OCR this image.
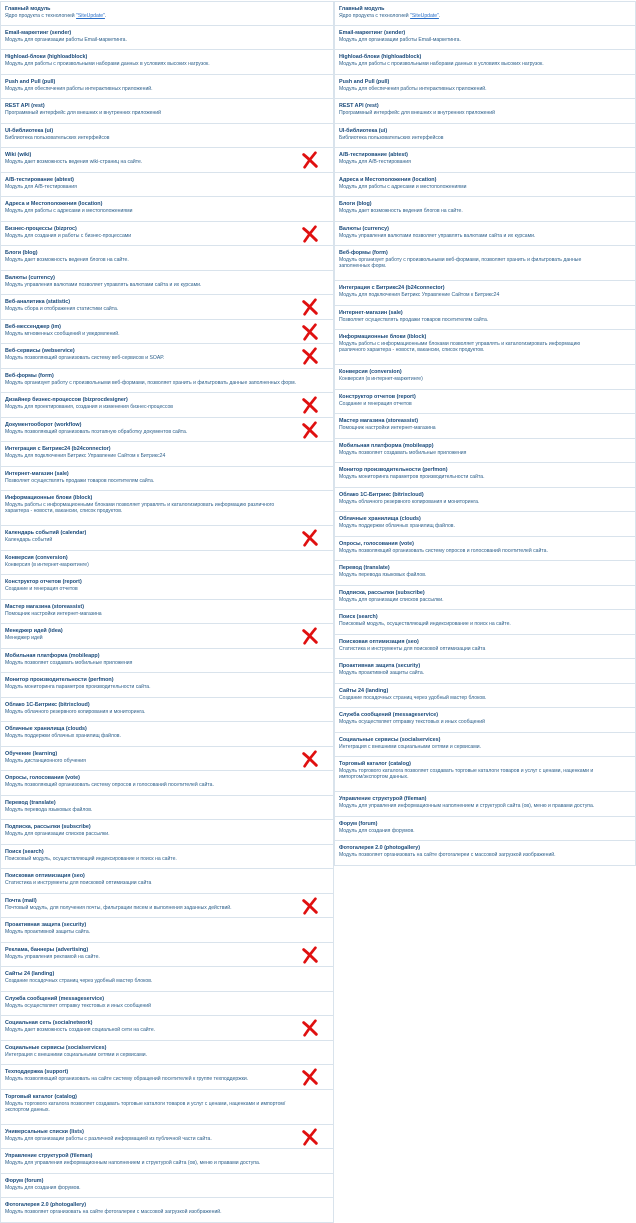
Главный модуль
Ядро продукта с технологией "SiteUpdate".
Email-маркетинг (sender)
Модуль для организации работы Email-маркетинга.
Highload-блоки (highloadblock)
Модуль для работы с произвольными наборами данных в условиях высоких нагрузок.
Push and Pull (pull)
Модуль для обеспечения работы интерактивных приложений.
REST API (rest)
Программный интерфейс для внешних и внутренних приложений
UI-библиотека (ui)
Библиотека пользовательских интерфейсов
Wiki (wiki)
Модуль дает возможность ведения wiki-страниц на сайте.
A/B-тестирование (abtest)
Модуль для A/B-тестирования
Адреса и Местоположения (location)
Модуль для работы с адресами и местоположениями
Бизнес-процессы (bizproc)
Модуль для создания и работы с бизнес-процессами
Блоги (blog)
Модуль дает возможность ведения блогов на сайте.
Валюты (currency)
Модуль управления валютами позволяет управлять валютами сайта и их курсами.
Веб-аналитика (statistic)
Модуль сбора и отображения статистики сайта.
Веб-мессенджер (im)
Модуль мгновенных сообщений и уведомлений.
Веб-сервисы (webservice)
Модуль позволяющий организовать систему веб-сервисов и SOAP.
Веб-формы (form)
Модуль организует работу с произвольными веб-формами, позволяет хранить и фильтровать данные заполненных форм.
Дизайнер бизнес-процессов (bizprocdesigner)
Модуль для проектирования, создания и изменения бизнес-процессов
Документооборот (workflow)
Модуль позволяющий организовать поэтапную обработку документов сайта.
Интеграция с Битрикс24 (b24connector)
Модуль для подключения Битрикс Управление Сайтом к Битрикс24
Интернет-магазин (sale)
Позволяет осуществлять продажи товаров посетителям сайта.
Информационные блоки (iblock)
Модуль работы с информационными блоками позволяет управлять и каталогизировать информацию различного характера - новости, вакансии, список продуктов.
Календарь событий (calendar)
Календарь событий
Конверсия (conversion)
Конверсия (в интернет-маркетинге)
Конструктор отчетов (report)
Создание и генерация отчетов
Мастер магазина (storeassist)
Помощник настройки интернет-магазина
Менеджер идей (idea)
Менеджер идей
Мобильная платформа (mobileapp)
Модуль позволяет создавать мобильные приложения
Монитор производительности (perfmon)
Модуль мониторинга параметров производительности сайта.
Облако 1С-Битрикс (bitrixcloud)
Модуль облачного резервного копирования и мониторинга.
Облачные хранилища (clouds)
Модуль поддержки облачных хранилищ файлов.
Обучение (learning)
Модуль дистанционного обучения
Опросы, голосования (vote)
Модуль позволяющий организовать систему опросов и голосований посетителей сайта.
Перевод (translate)
Модуль перевода языковых файлов.
Подписка, рассылки (subscribe)
Модуль для организации списков рассылки.
Поиск (search)
Поисковый модуль, осуществляющий индексирование и поиск на сайте.
Поисковая оптимизация (seo)
Статистика и инструменты для поисковой оптимизации сайта
Почта (mail)
Почтовый модуль, для получения почты, фильтрации писем и выполнения заданных действий.
Проактивная защита (security)
Модуль проактивной защиты сайта.
Реклама, баннеры (advertising)
Модуль управления рекламой на сайте.
Сайты 24 (landing)
Создание посадочных страниц через удобный мастер блоков.
Служба сообщений (messageservice)
Модуль осуществляет отправку текстовых и иных сообщений
Социальная сеть (socialnetwork)
Модуль дает возможность создания социальной сети на сайте.
Социальные сервисы (socialservices)
Интеграция с внешними социальными сетями и сервисами.
Техподдержка (support)
Модуль позволяющий организовать на сайте систему обращений посетителей к группе техподдержки.
Торговый каталог (catalog)
Модуль торгового каталога позволяет создавать торговые каталоги товаров и услуг с ценами, наценками и импортом/экспортом данных.
Универсальные списки (lists)
Модуль для организации работы с различной информацией из публичной части сайта.
Управление структурой (fileman)
Модуль для управления информационным наполнением и структурой сайта (ов), меню и правами доступа.
Форум (forum)
Модуль для создания форумов.
Фотогалерея 2.0 (photogallery)
Модуль позволяет организовать на сайте фотогалереи с массовой загрузкой изображений.
Главный модуль
Ядро продукта с технологией "SiteUpdate".
Email-маркетинг (sender)
Модуль для организации работы Email-маркетинга.
Highload-блоки (highloadblock)
Модуль для работы с произвольными наборами данных в условиях высоких нагрузок.
Push and Pull (pull)
Модуль для обеспечения работы интерактивных приложений.
REST API (rest)
Программный интерфейс для внешних и внутренних приложений
UI-библиотека (ui)
Библиотека пользовательских интерфейсов
A/B-тестирование (abtest)
Модуль для A/B-тестирования
Адреса и Местоположения (location)
Модуль для работы с адресами и местоположениями
Блоги (blog)
Модуль дает возможность ведения блогов на сайте.
Валюты (currency)
Модуль управления валютами позволяет управлять валютами сайта и их курсами.
Веб-формы (form)
Модуль организует работу с произвольными веб-формами, позволяет хранить и фильтровать данные заполненных форм.
Интеграция с Битрикс24 (b24connector)
Модуль для подключения Битрикс Управление Сайтом к Битрикс24
Интернет-магазин (sale)
Позволяет осуществлять продажи товаров посетителям сайта.
Информационные блоки (iblock)
Модуль работы с информационными блоками позволяет управлять и каталогизировать информацию различного характера - новости, вакансии, список продуктов.
Конверсия (conversion)
Конверсия (в интернет-маркетинге)
Конструктор отчетов (report)
Создание и генерация отчетов
Мастер магазина (storeassist)
Помощник настройки интернет-магазина
Мобильная платформа (mobileapp)
Модуль позволяет создавать мобильные приложения
Монитор производительности (perfmon)
Модуль мониторинга параметров производительности сайта.
Облако 1С-Битрикс (bitrixcloud)
Модуль облачного резервного копирования и мониторинга.
Облачные хранилища (clouds)
Модуль поддержки облачных хранилищ файлов.
Опросы, голосования (vote)
Модуль позволяющий организовать систему опросов и голосований посетителей сайта.
Перевод (translate)
Модуль перевода языковых файлов.
Подписка, рассылки (subscribe)
Модуль для организации списков рассылки.
Поиск (search)
Поисковый модуль, осуществляющий индексирование и поиск на сайте.
Поисковая оптимизация (seo)
Статистика и инструменты для поисковой оптимизации сайта
Проактивная защита (security)
Модуль проактивной защиты сайта.
Сайты 24 (landing)
Создание посадочных страниц через удобный мастер блоков.
Служба сообщений (messageservice)
Модуль осуществляет отправку текстовых и иных сообщений
Социальные сервисы (socialservices)
Интеграция с внешними социальными сетями и сервисами.
Торговый каталог (catalog)
Модуль торгового каталога позволяет создавать торговые каталоги товаров и услуг с ценами, наценками и импортом/экспортом данных.
Управление структурой (fileman)
Модуль для управления информационным наполнением и структурой сайта (ов), меню и правами доступа.
Форум (forum)
Модуль для создания форумов.
Фотогалерея 2.0 (photogallery)
Модуль позволяет организовать на сайте фотогалереи с массовой загрузкой изображений.
